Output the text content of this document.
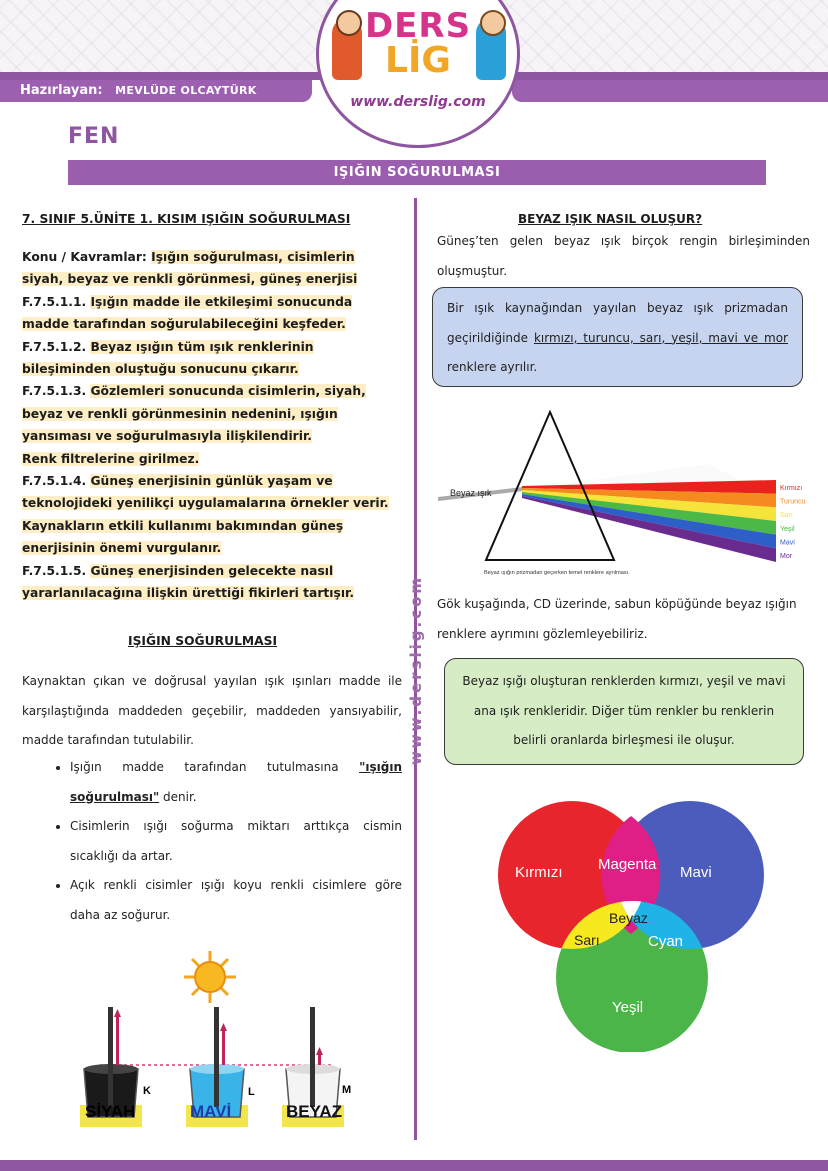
Hazırlayan: MEVLÜDE OLCAYTÜRK
DERS
LİG
www.derslig.com
FEN
IŞIĞIN SOĞURULMASI
www.derslig.com
7. SINIF 5.ÜNİTE 1. KISIM IŞIĞIN SOĞURULMASI
Konu / Kavramlar: Işığın soğurulması, cisimlerin siyah, beyaz ve renkli görünmesi, güneş enerjisi
F.7.5.1.1. Işığın madde ile etkileşimi sonucunda madde tarafından soğurulabileceğini keşfeder.
F.7.5.1.2. Beyaz ışığın tüm ışık renklerinin bileşiminden oluştuğu sonucunu çıkarır.
F.7.5.1.3. Gözlemleri sonucunda cisimlerin, siyah, beyaz ve renkli görünmesinin nedenini, ışığın yansıması ve soğurulmasıyla ilişkilendirir.
Renk filtrelerine girilmez.
F.7.5.1.4. Güneş enerjisinin günlük yaşam ve teknolojideki yenilikçi uygulamalarına örnekler verir.
Kaynakların etkili kullanımı bakımından güneş enerjisinin önemi vurgulanır.
F.7.5.1.5. Güneş enerjisinden gelecekte nasıl yararlanılacağına ilişkin ürettiği fikirleri tartışır.
IŞIĞIN SOĞURULMASI
Kaynaktan çıkan ve doğrusal yayılan ışık ışınları madde ile karşılaştığında maddeden geçebilir, maddeden yansıyabilir, madde tarafından tutulabilir.
• Işığın madde tarafından tutulmasına "ışığın soğurulması" denir.
• Cisimlerin ışığı soğurma miktarı arttıkça cismin sıcaklığı da artar.
• Açık renkli cisimler ışığı koyu renkli cisimlere göre daha az soğurur.
SİYAH	MAVİ	BEYAZ
K	L	M
BEYAZ IŞIK NASIL OLUŞUR?
Güneş’ten gelen beyaz ışık birçok rengin birleşiminden oluşmuştur.
Bir ışık kaynağından yayılan beyaz ışık prizmadan geçirildiğinde kırmızı, turuncu, sarı, yeşil, mavi ve mor renklere ayrılır.
Beyaz ışık	Kırmızı
Turuncu
Sarı
Yeşil
Mavi
Mor
Beyaz ışığın prizmadan geçerken temel renklere ayrılması.
Gök kuşağında, CD üzerinde, sabun köpüğünde beyaz ışığın renklere ayrımını gözlemleyebiliriz.
Beyaz ışığı oluşturan renklerden kırmızı, yeşil ve mavi ana ışık renkleridir. Diğer tüm renkler bu renklerin belirli oranlarda birleşmesi ile oluşur.
Kırmızı	Mavi
Yeşil
Magenta
Cyan
Sarı
Beyaz
